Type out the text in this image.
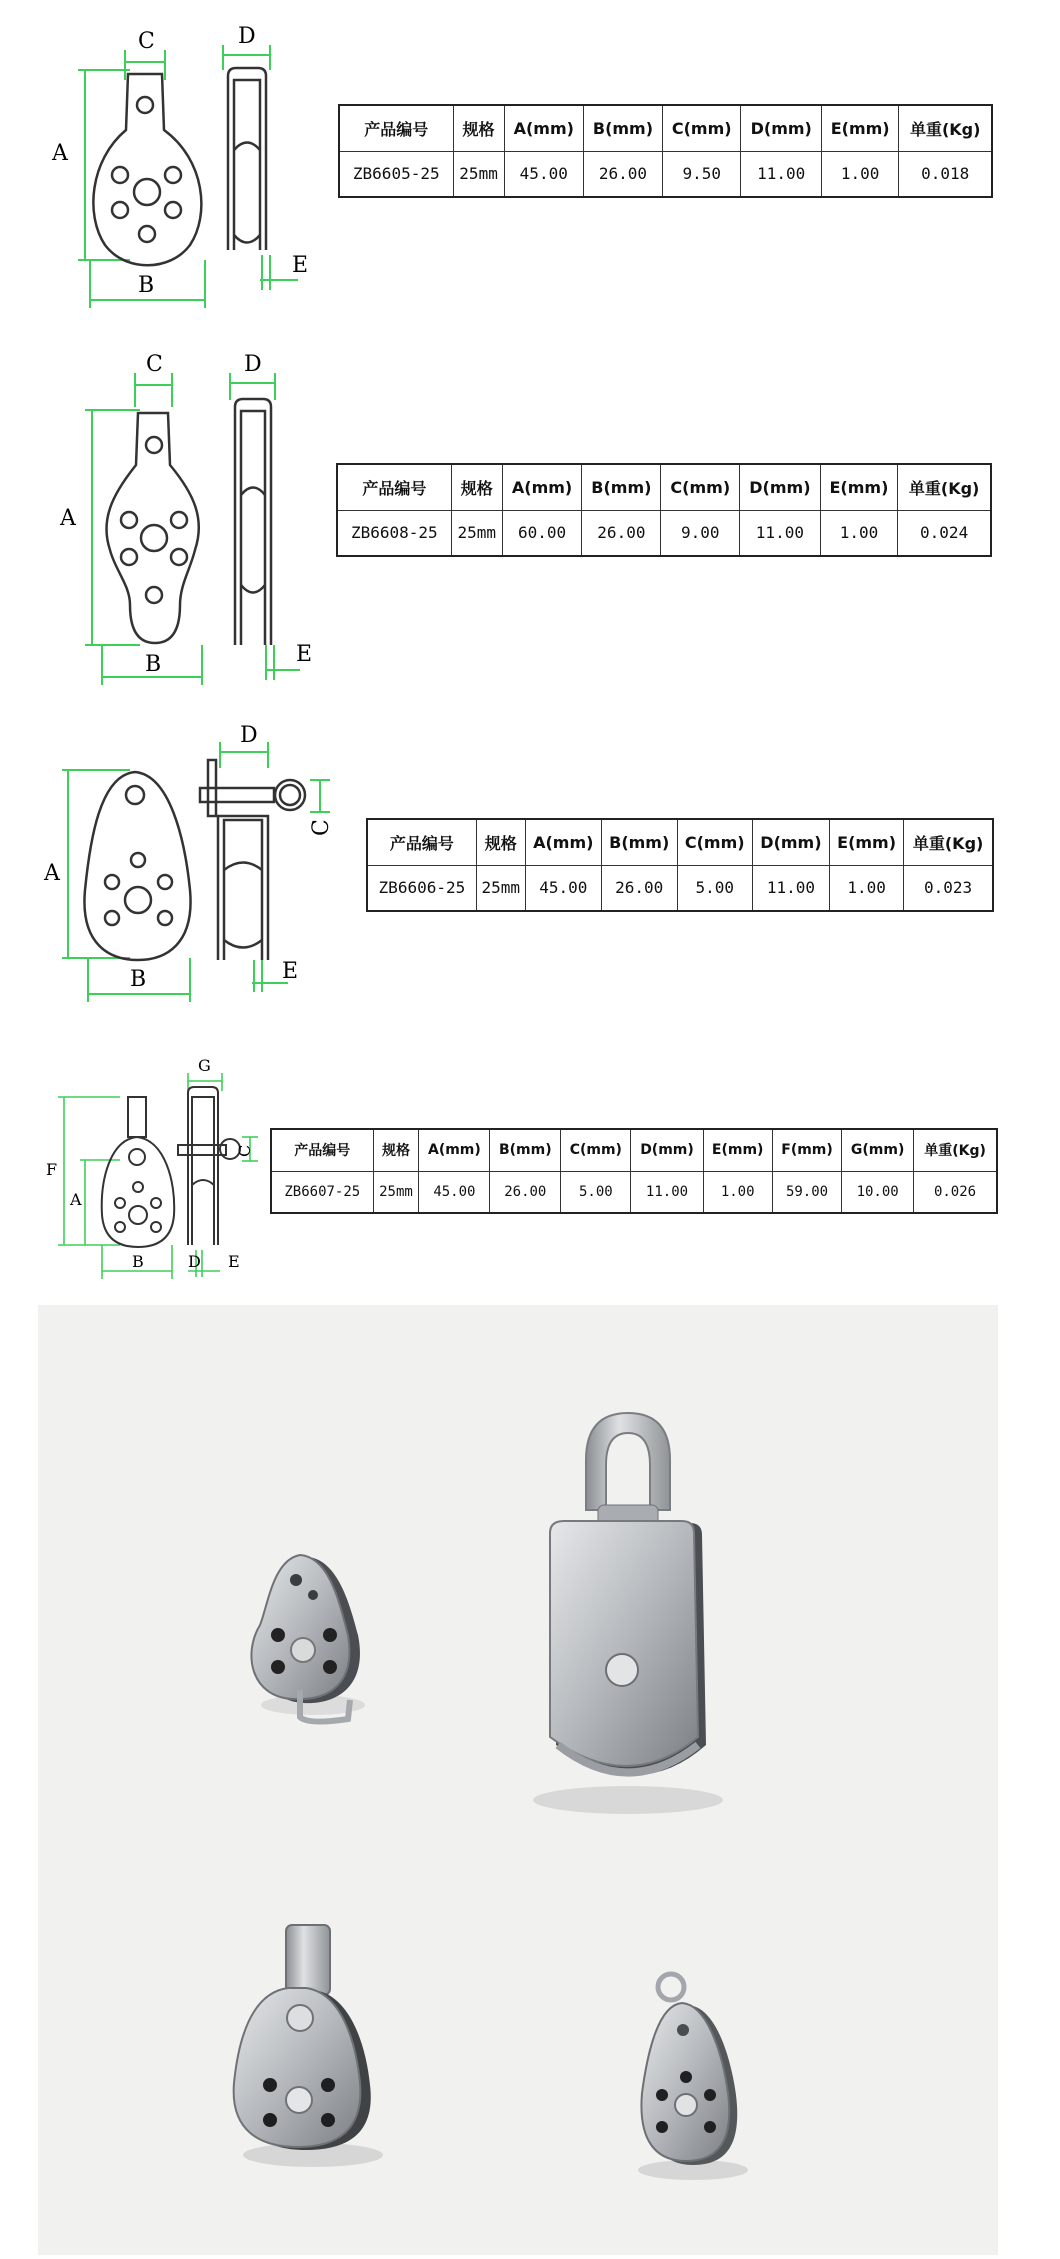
A
B
C	D
E
产品编号	规格	A(mm)	B(mm)	C(mm)	D(mm)	E(mm)	单重(Kg)
ZB6605-25	25mm	45.00	26.00	9.50	11.00	1.00	0.018
A
B
C	D
E
产品编号	规格	A(mm)	B(mm)	C(mm)	D(mm)	E(mm)	单重(Kg)
ZB6608-25	25mm	60.00	26.00	9.00	11.00	1.00	0.024
A
B
D
C
E
产品编号	规格	A(mm)	B(mm)	C(mm)	D(mm)	E(mm)	单重(Kg)
ZB6606-25	25mm	45.00	26.00	5.00	11.00	1.00	0.023
F
A
B
G
C
D E
产品编号	规格	A(mm)	B(mm)	C(mm)	D(mm)	E(mm)	F(mm)	G(mm)	单重(Kg)
ZB6607-25	25mm	45.00	26.00	5.00	11.00	1.00	59.00	10.00	0.026
